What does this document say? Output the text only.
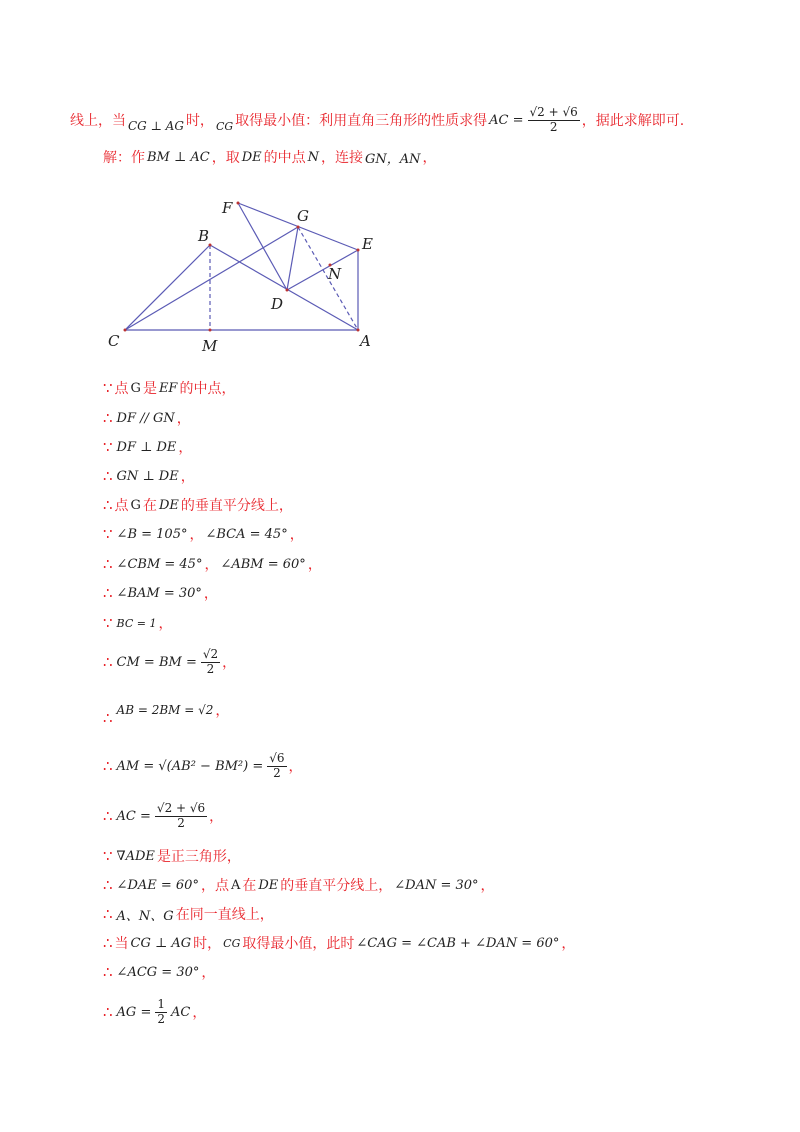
线上，当 CG ⊥ AG 时， CG 取得最小值：利用直角三角形的性质求得 AC = $\frac{√2 + √6}{2}$ ，据此求解即可.
解：作 BM ⊥ AC ，取 DE 的中点 N ，连接 GN，AN ，
F	G
B	E
N
D
C	M	A
∵ 点 G 是 EF 的中点，
∴ DF // GN ，
∵ DF ⊥ DE ，
∴ GN ⊥ DE ，
∴ 点 G 在 DE 的垂直平分线上，
∵ ∠B = 105° ， ∠BCA = 45° ，
∴ ∠CBM = 45° ， ∠ABM = 60° ，
∴ ∠BAM = 30° ，
∵ BC = 1 ，
∴ CM = BM = $\frac{√2}{2}$ ，
∴ AB = 2BM = √2 ，
∴ AM = $√(AB^2 - BM^2) = \frac{√6}{2}$ ，
∴ AC = $\frac{√2 + √6}{2}$ ，
∵ ∇ADE 是正三角形，
∴ ∠DAE = 60° ，点 A 在 DE 的垂直平分线上， ∠DAN = 30° ，
∴ A、N、G 在同一直线上，
∴ 当 CG ⊥ AG 时， CG 取得最小值，此时 ∠CAG = ∠CAB + ∠DAN = 60° ，
∴ ∠ACG = 30° ，
∴ AG = $\frac{1}{2}$ AC ，
